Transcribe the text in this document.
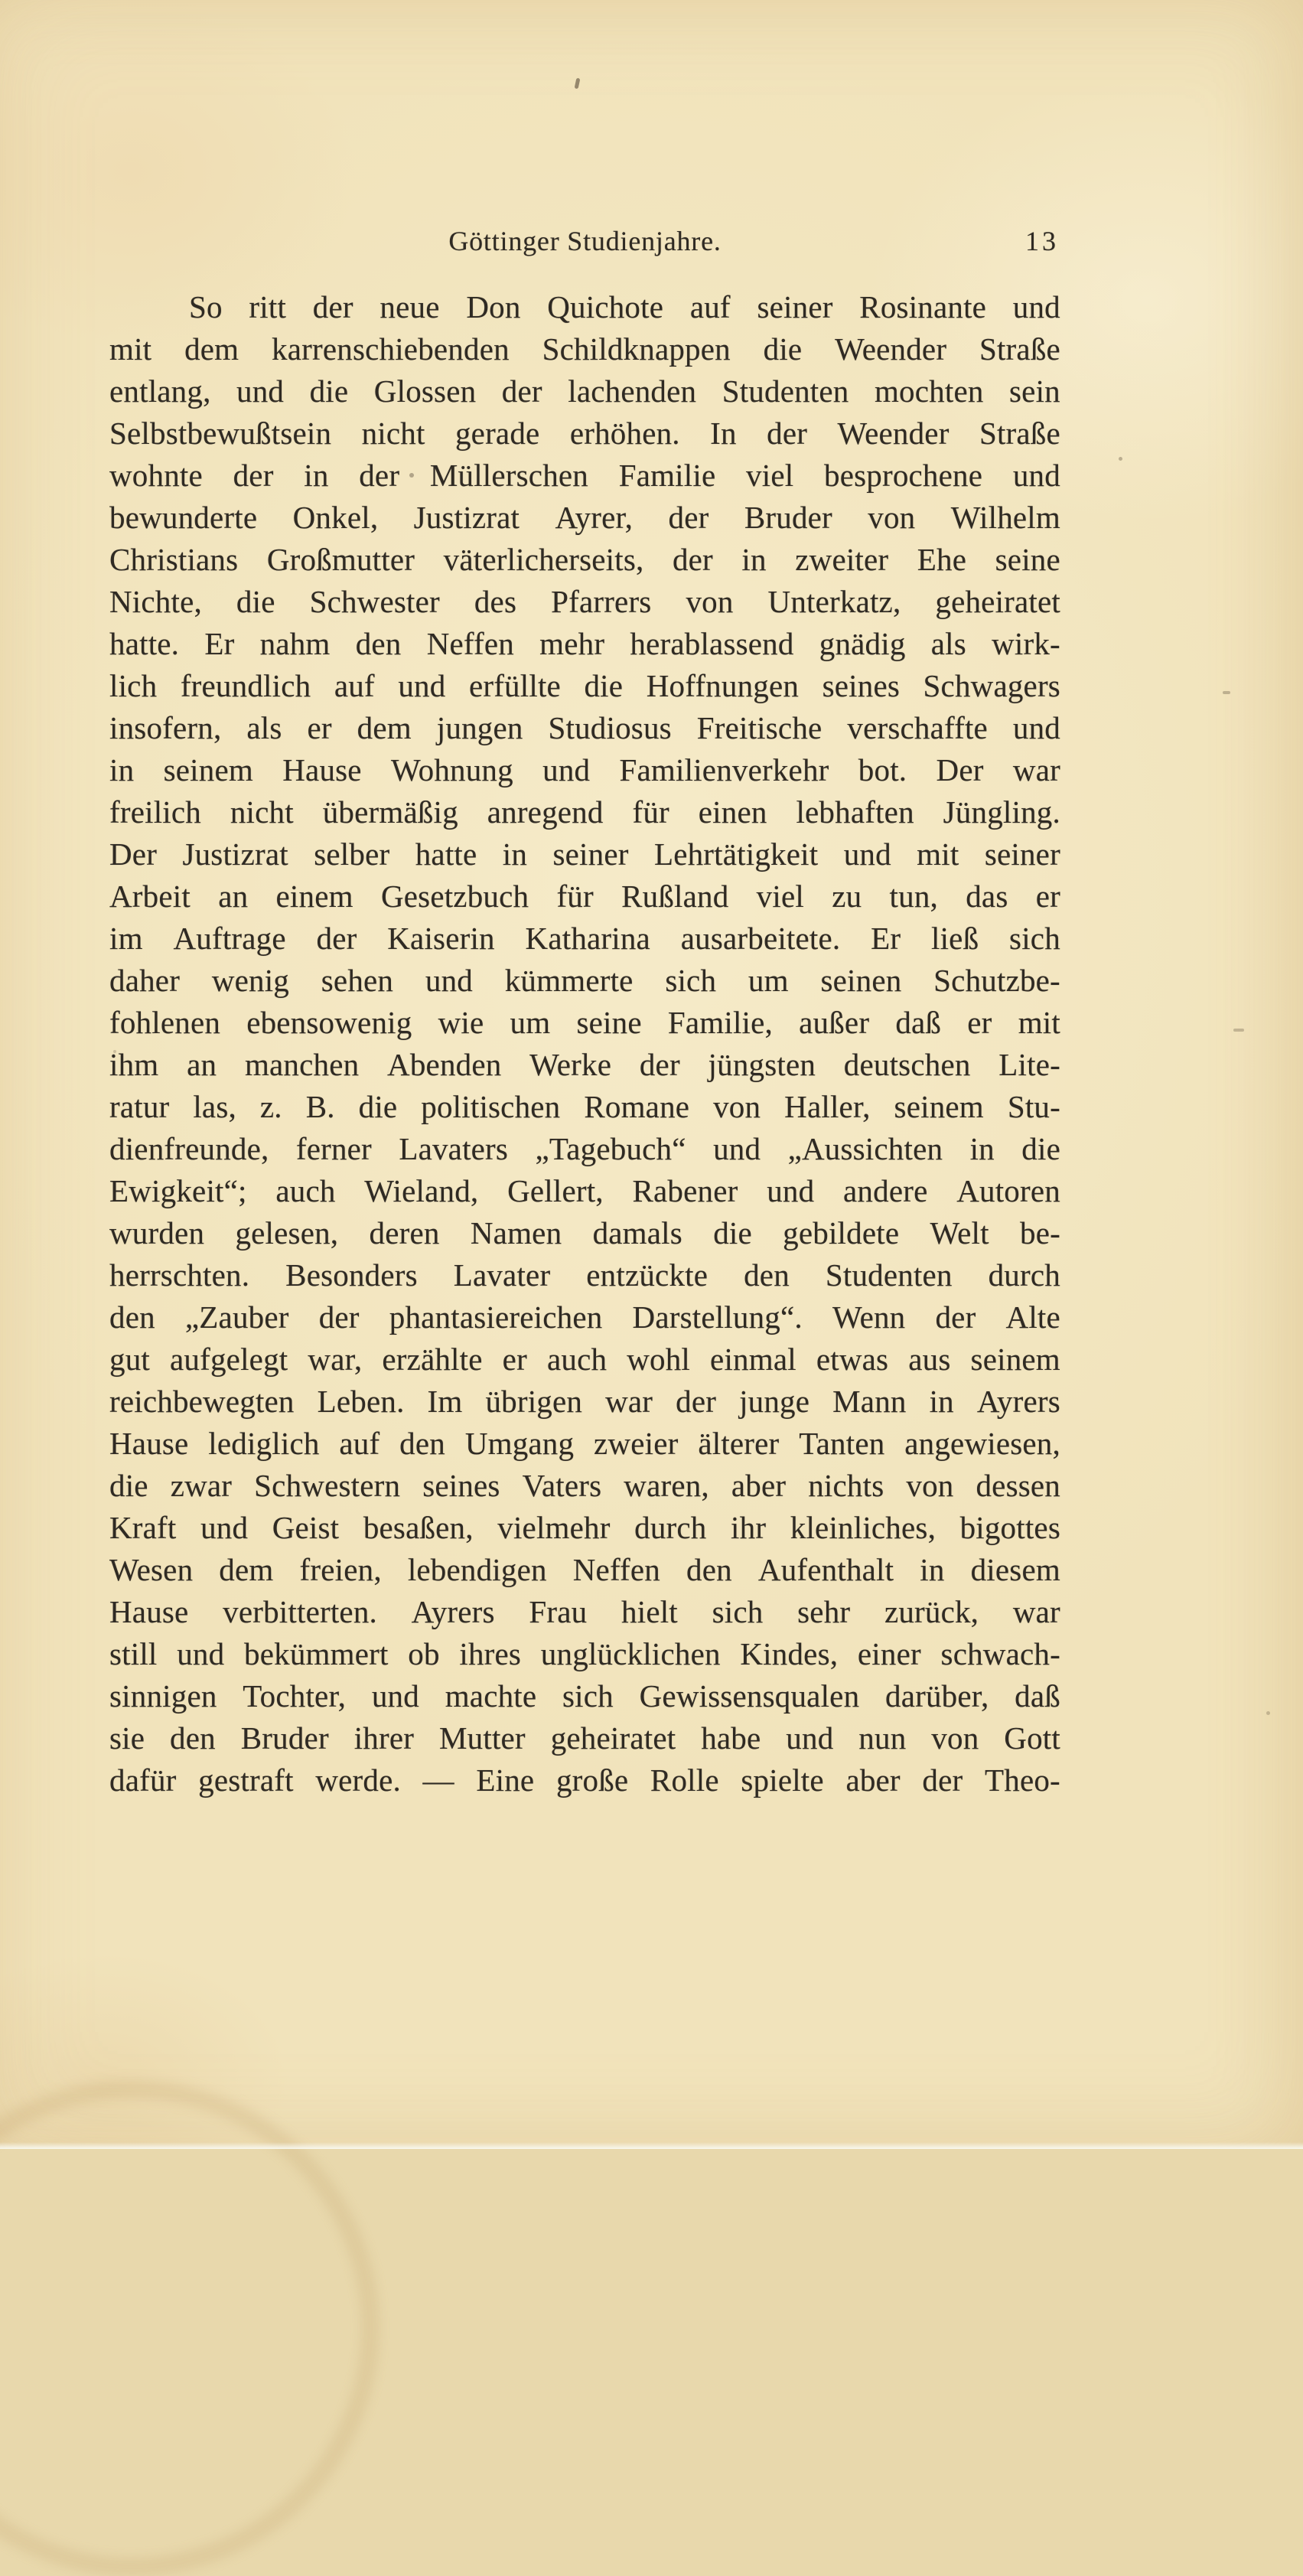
Göttinger Studienjahre.	13
So ritt der neue Don Quichote auf seiner Rosinante und
mit dem karrenschiebenden Schildknappen die Weender Straße
entlang, und die Glossen der lachenden Studenten mochten sein
Selbstbewußtsein nicht gerade erhöhen. In der Weender Straße
wohnte der in der Müllerschen Familie viel besprochene und
bewunderte Onkel, Justizrat Ayrer, der Bruder von Wilhelm
Christians Großmutter väterlicherseits, der in zweiter Ehe seine
Nichte, die Schwester des Pfarrers von Unterkatz, geheiratet
hatte. Er nahm den Neffen mehr herablassend gnädig als wirk-
lich freundlich auf und erfüllte die Hoffnungen seines Schwagers
insofern, als er dem jungen Studiosus Freitische verschaffte und
in seinem Hause Wohnung und Familienverkehr bot. Der war
freilich nicht übermäßig anregend für einen lebhaften Jüngling.
Der Justizrat selber hatte in seiner Lehrtätigkeit und mit seiner
Arbeit an einem Gesetzbuch für Rußland viel zu tun, das er
im Auftrage der Kaiserin Katharina ausarbeitete. Er ließ sich
daher wenig sehen und kümmerte sich um seinen Schutzbe-
fohlenen ebensowenig wie um seine Familie, außer daß er mit
ihm an manchen Abenden Werke der jüngsten deutschen Lite-
ratur las, z. B. die politischen Romane von Haller, seinem Stu-
dienfreunde, ferner Lavaters „Tagebuch“ und „Aussichten in die
Ewigkeit“; auch Wieland, Gellert, Rabener und andere Autoren
wurden gelesen, deren Namen damals die gebildete Welt be-
herrschten. Besonders Lavater entzückte den Studenten durch
den „Zauber der phantasiereichen Darstellung“. Wenn der Alte
gut aufgelegt war, erzählte er auch wohl einmal etwas aus seinem
reichbewegten Leben. Im übrigen war der junge Mann in Ayrers
Hause lediglich auf den Umgang zweier älterer Tanten angewiesen,
die zwar Schwestern seines Vaters waren, aber nichts von dessen
Kraft und Geist besaßen, vielmehr durch ihr kleinliches, bigottes
Wesen dem freien, lebendigen Neffen den Aufenthalt in diesem
Hause verbitterten. Ayrers Frau hielt sich sehr zurück, war
still und bekümmert ob ihres unglücklichen Kindes, einer schwach-
sinnigen Tochter, und machte sich Gewissensqualen darüber, daß
sie den Bruder ihrer Mutter geheiratet habe und nun von Gott
dafür gestraft werde. — Eine große Rolle spielte aber der Theo-
